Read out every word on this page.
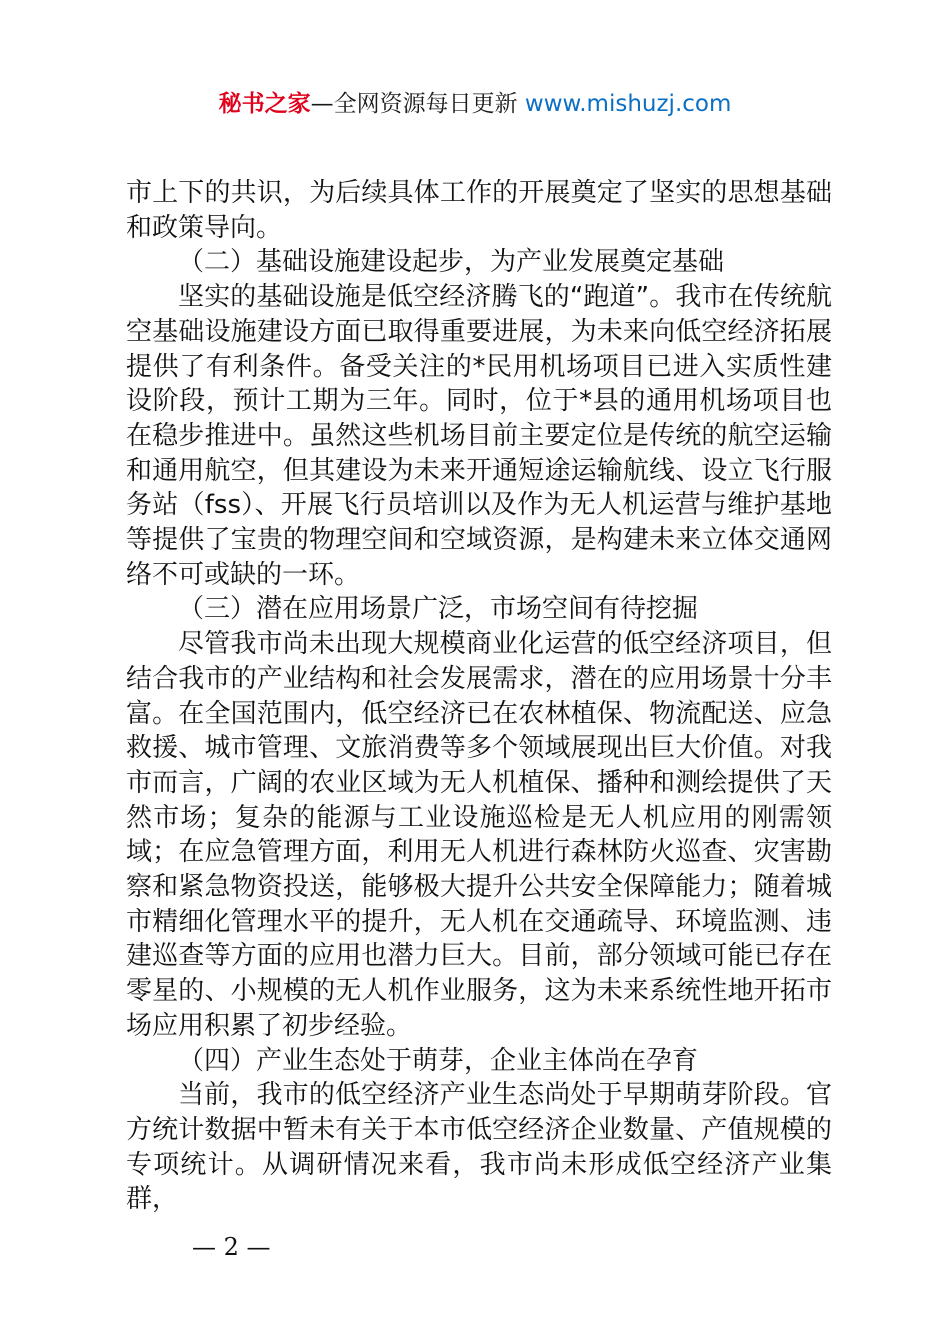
秘书之家—全网资源每日更新 www.mishuzj.com

市上下的共识，为后续具体工作的开展奠定了坚实的思想基础和政策导向。

（二）基础设施建设起步，为产业发展奠定基础

坚实的基础设施是低空经济腾飞的“跑道”。我市在传统航空基础设施建设方面已取得重要进展，为未来向低空经济拓展提供了有利条件。备受关注的*民用机场项目已进入实质性建设阶段，预计工期为三年。同时，位于*县的通用机场项目也在稳步推进中。虽然这些机场目前主要定位是传统的航空运输和通用航空，但其建设为未来开通短途运输航线、设立飞行服务站（fss）、开展飞行员培训以及作为无人机运营与维护基地等提供了宝贵的物理空间和空域资源，是构建未来立体交通网络不可或缺的一环。

（三）潜在应用场景广泛，市场空间有待挖掘

尽管我市尚未出现大规模商业化运营的低空经济项目，但结合我市的产业结构和社会发展需求，潜在的应用场景十分丰富。在全国范围内，低空经济已在农林植保、物流配送、应急救援、城市管理、文旅消费等多个领域展现出巨大价值。对我市而言，广阔的农业区域为无人机植保、播种和测绘提供了天然市场；复杂的能源与工业设施巡检是无人机应用的刚需领域；在应急管理方面，利用无人机进行森林防火巡查、灾害勘察和紧急物资投送，能够极大提升公共安全保障能力；随着城市精细化管理水平的提升，无人机在交通疏导、环境监测、违建巡查等方面的应用也潜力巨大。目前，部分领域可能已存在零星的、小规模的无人机作业服务，这为未来系统性地开拓市场应用积累了初步经验。

（四）产业生态处于萌芽，企业主体尚在孕育

当前，我市的低空经济产业生态尚处于早期萌芽阶段。官方统计数据中暂未有关于本市低空经济企业数量、产值规模的专项统计。从调研情况来看，我市尚未形成低空经济产业集群，

— 2 —
